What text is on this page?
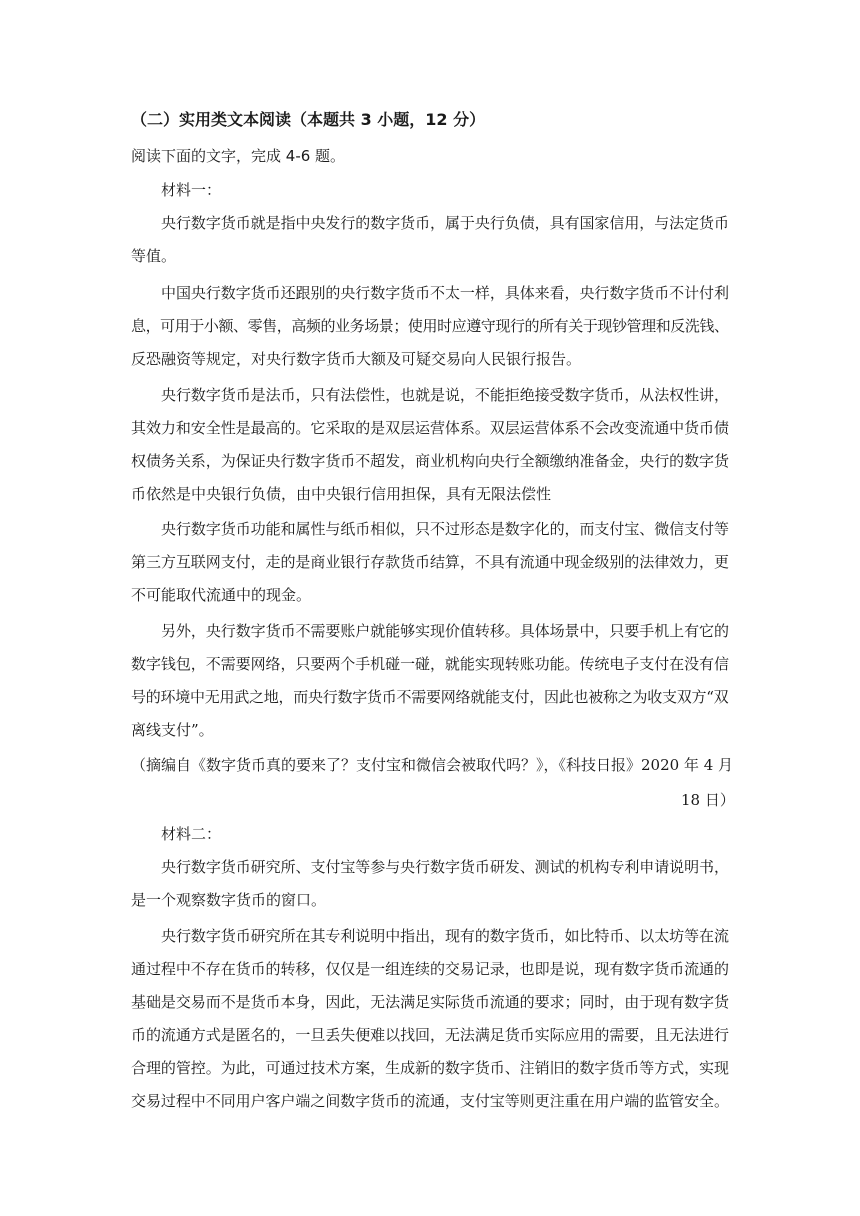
（二）实用类文本阅读（本题共 3 小题，12 分）
阅读下面的文字，完成 4-6 题。
材料一：
央行数字货币就是指中央发行的数字货币，属于央行负债，具有国家信用，与法定货币
等值。
中国央行数字货币还跟别的央行数字货币不太一样，具体来看，央行数字货币不计付利
息，可用于小额、零售，高频的业务场景；使用时应遵守现行的所有关于现钞管理和反洗钱、
反恐融资等规定，对央行数字货币大额及可疑交易向人民银行报告。
央行数字货币是法币，只有法偿性，也就是说，不能拒绝接受数字货币，从法权性讲，
其效力和安全性是最高的。它采取的是双层运营体系。双层运营体系不会改变流通中货币债
权债务关系，为保证央行数字货币不超发，商业机构向央行全额缴纳准备金，央行的数字货
币依然是中央银行负债，由中央银行信用担保，具有无限法偿性
央行数字货币功能和属性与纸币相似，只不过形态是数字化的，而支付宝、微信支付等
第三方互联网支付，走的是商业银行存款货币结算，不具有流通中现金级别的法律效力，更
不可能取代流通中的现金。
另外，央行数字货币不需要账户就能够实现价值转移。具体场景中，只要手机上有它的
数字钱包，不需要网络，只要两个手机碰一碰，就能实现转账功能。传统电子支付在没有信
号的环境中无用武之地，而央行数字货币不需要网络就能支付，因此也被称之为收支双方“双
离线支付”。
（摘编自《数字货币真的要来了？支付宝和微信会被取代吗？》，《科技日报》2020 年 4 月
18 日）
材料二：
央行数字货币研究所、支付宝等参与央行数字货币研发、测试的机构专利申请说明书，
是一个观察数字货币的窗口。
央行数字货币研究所在其专利说明中指出，现有的数字货币，如比特币、以太坊等在流
通过程中不存在货币的转移，仅仅是一组连续的交易记录，也即是说，现有数字货币流通的
基础是交易而不是货币本身，因此，无法满足实际货币流通的要求；同时，由于现有数字货
币的流通方式是匿名的，一旦丢失便难以找回，无法满足货币实际应用的需要，且无法进行
合理的管控。为此，可通过技术方案，生成新的数字货币、注销旧的数字货币等方式，实现
交易过程中不同用户客户端之间数字货币的流通，支付宝等则更注重在用户端的监管安全。
